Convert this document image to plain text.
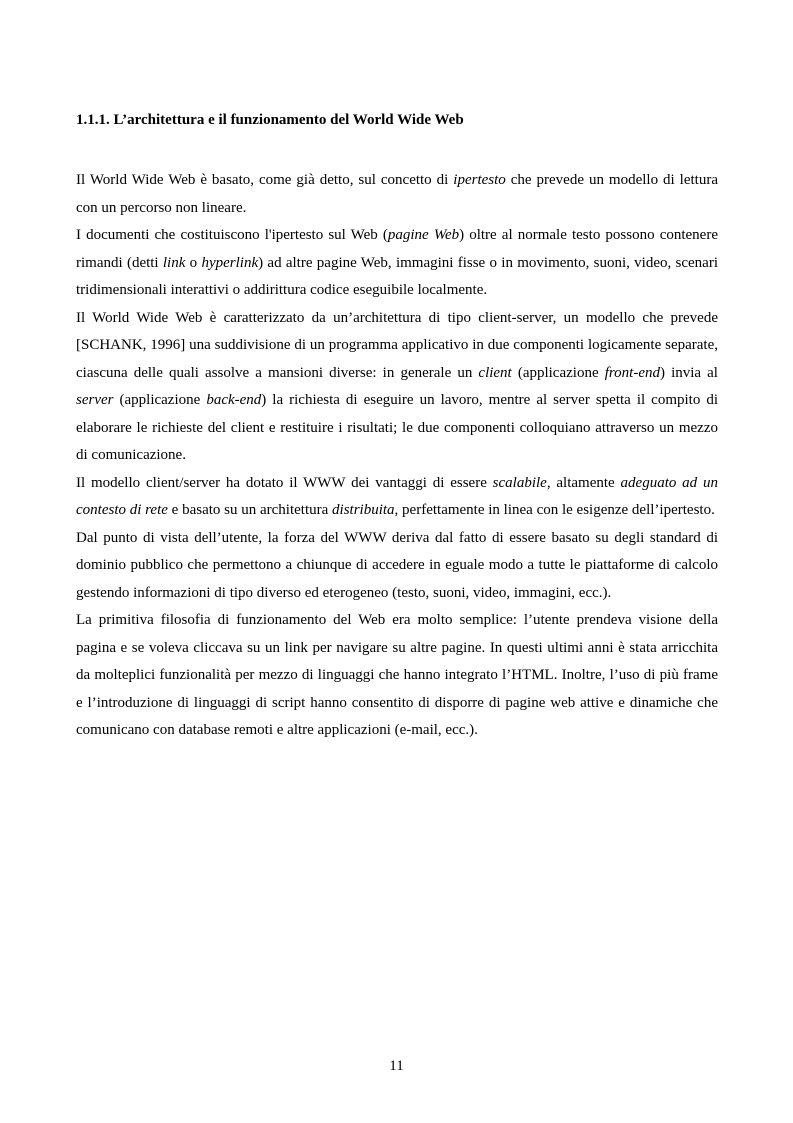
1.1.1. L’architettura e il funzionamento del World Wide Web

Il World Wide Web è basato, come già detto, sul concetto di ipertesto che prevede un modello di lettura con un percorso non lineare.

I documenti che costituiscono l'ipertesto sul Web (pagine Web) oltre al normale testo possono contenere rimandi (detti link o hyperlink) ad altre pagine Web, immagini fisse o in movimento, suoni, video, scenari tridimensionali interattivi o addirittura codice eseguibile localmente.

Il World Wide Web è caratterizzato da un’architettura di tipo client-server, un modello che prevede [SCHANK, 1996] una suddivisione di un programma applicativo in due componenti logicamente separate, ciascuna delle quali assolve a mansioni diverse: in generale un client (applicazione front-end) invia al server (applicazione back-end) la richiesta di eseguire un lavoro, mentre al server spetta il compito di elaborare le richieste del client e restituire i risultati; le due componenti colloquiano attraverso un mezzo di comunicazione.

Il modello client/server ha dotato il WWW dei vantaggi di essere scalabile, altamente adeguato ad un contesto di rete e basato su un architettura distribuita, perfettamente in linea con le esigenze dell’ipertesto.

Dal punto di vista dell’utente, la forza del WWW deriva dal fatto di essere basato su degli standard di dominio pubblico che permettono a chiunque di accedere in eguale modo a tutte le piattaforme di calcolo gestendo informazioni di tipo diverso ed eterogeneo (testo, suoni, video, immagini, ecc.).

La primitiva filosofia di funzionamento del Web era molto semplice: l’utente prendeva visione della pagina e se voleva cliccava su un link per navigare su altre pagine. In questi ultimi anni è stata arricchita da molteplici funzionalità per mezzo di linguaggi che hanno integrato l’HTML. Inoltre, l’uso di più frame e l’introduzione di linguaggi di script hanno consentito di disporre di pagine web attive e dinamiche che comunicano con database remoti e altre applicazioni (e-mail, ecc.).

11
